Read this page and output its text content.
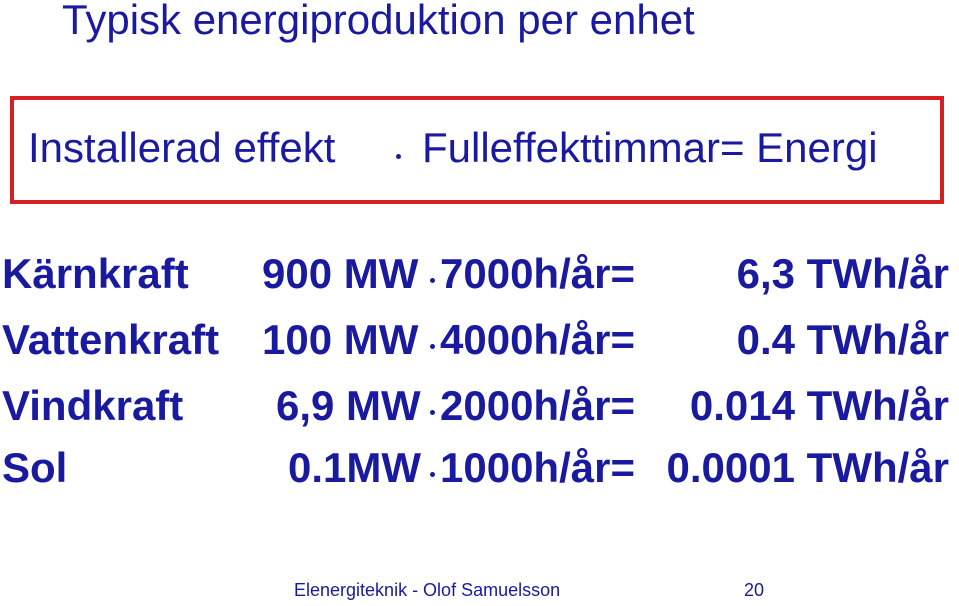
Typisk energiproduktion per enhet
Installerad effekt Fulleffekttimmar= Energi
Kärnkraft 900 MW 7000h/år= 6,3 TWh/år
Vattenkraft 100 MW 4000h/år= 0.4 TWh/år
Vindkraft 6,9 MW 2000h/år= 0.014 TWh/år
Sol	0.1MW 1000h/år= 0.0001 TWh/år
Elenergiteknik - Olof Samuelsson	20
